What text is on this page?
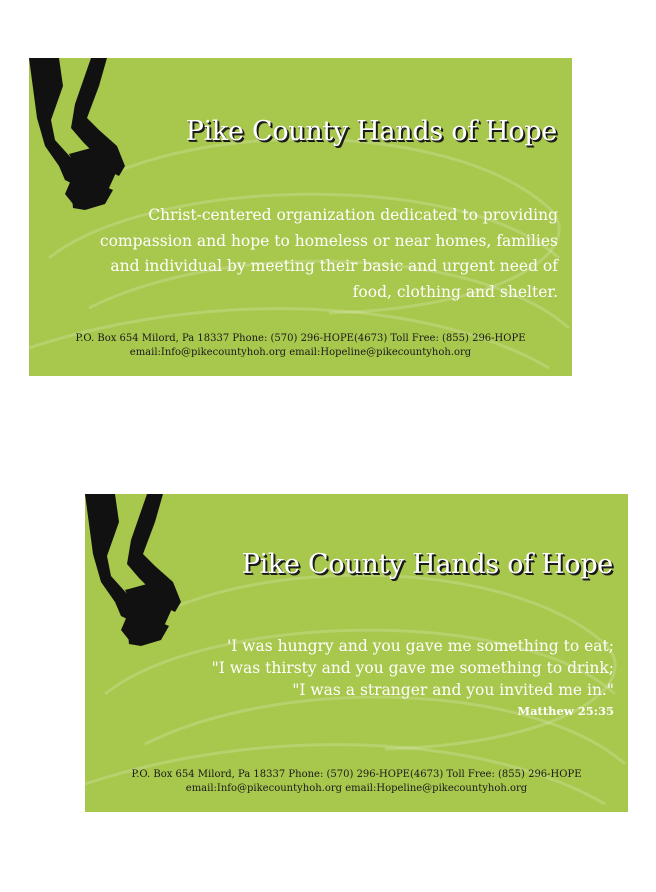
Pike County Hands of Hope
Christ-centered organization dedicated to providing
compassion and hope to homeless or near homes, families
and individual by meeting their basic and urgent need of
food, clothing and shelter.
P.O. Box 654 Milord, Pa 18337 Phone: (570) 296-HOPE(4673) Toll Free: (855) 296-HOPE
email:Info@pikecountyhoh.org email:Hopeline@pikecountyhoh.org
Pike County Hands of Hope
'I was hungry and you gave me something to eat;
"I was thirsty and you gave me something to drink;
"I was a stranger and you invited me in."
Matthew 25:35
P.O. Box 654 Milord, Pa 18337 Phone: (570) 296-HOPE(4673) Toll Free: (855) 296-HOPE
email:Info@pikecountyhoh.org email:Hopeline@pikecountyhoh.org
